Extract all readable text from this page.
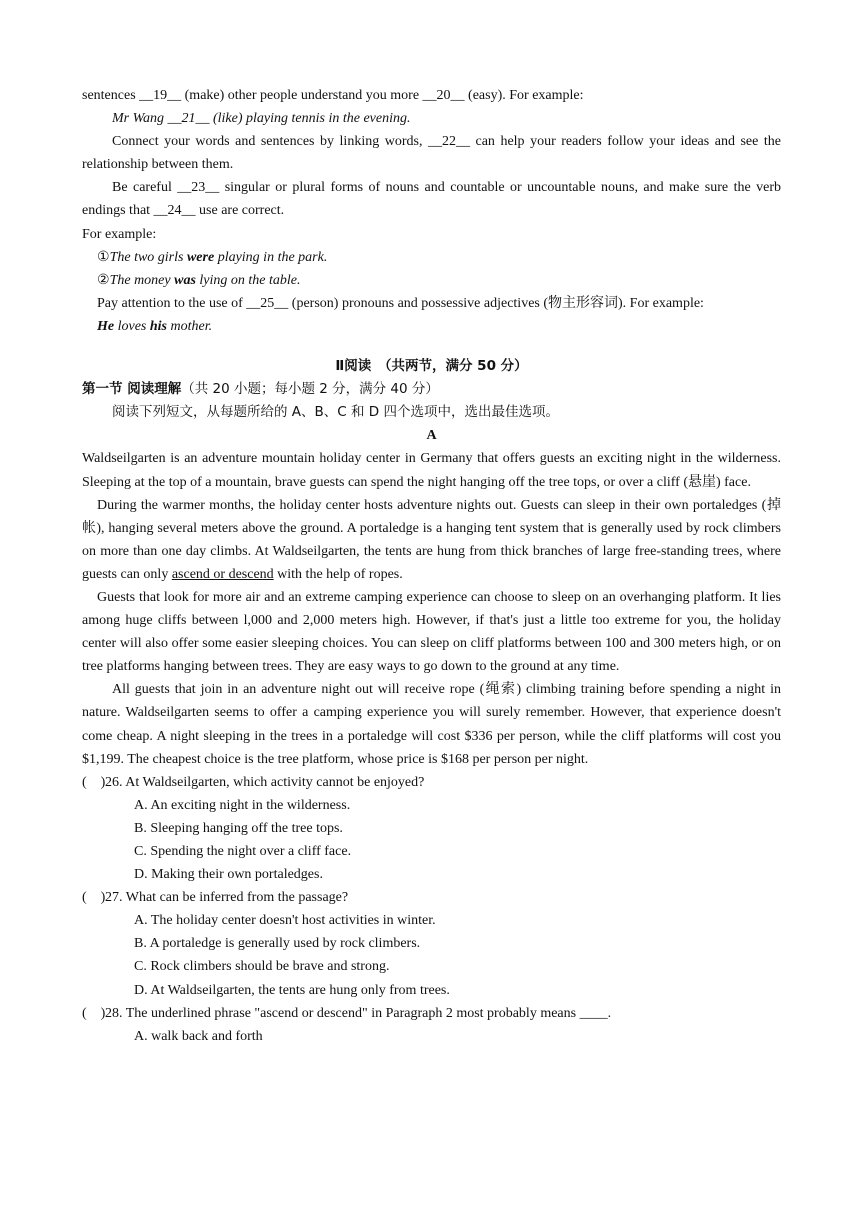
sentences __19__ (make) other people understand you more __20__ (easy). For example:

Mr Wang __21__ (like) playing tennis in the evening.

Connect your words and sentences by linking words, __22__ can help your readers follow your ideas and see the relationship between them.

Be careful __23__ singular or plural forms of nouns and countable or uncountable nouns, and make sure the verb endings that __24__ use are correct.

For example:

①The two girls were playing in the park.

②The money was lying on the table.

Pay attention to the use of __25__ (person) pronouns and possessive adjectives (物主形容词). For example:

He loves his mother.

Ⅱ阅读　（共两节，满分 50 分）

第一节 阅读理解（共 20 小题；每小题 2 分，满分 40 分）

阅读下列短文，从每题所给的 A、B、C 和 D 四个选项中，选出最佳选项。

A

Waldseilgarten is an adventure mountain holiday center in Germany that offers guests an exciting night in the wilderness. Sleeping at the top of a mountain, brave guests can spend the night hanging off the tree tops, or over a cliff (悬崖) face.

During the warmer months, the holiday center hosts adventure nights out. Guests can sleep in their own portaledges (掉帐), hanging several meters above the ground. A portaledge is a hanging tent system that is generally used by rock climbers on more than one day climbs. At Waldseilgarten, the tents are hung from thick branches of large free-standing trees, where guests can only ascend or descend with the help of ropes.

Guests that look for more air and an extreme camping experience can choose to sleep on an overhanging platform. It lies among huge cliffs between l,000 and 2,000 meters high. However, if that's just a little too extreme for you, the holiday center will also offer some easier sleeping choices. You can sleep on cliff platforms between 100 and 300 meters high, or on tree platforms hanging between trees. They are easy ways to go down to the ground at any time.

All guests that join in an adventure night out will receive rope (绳索) climbing training before spending a night in nature. Waldseilgarten seems to offer a camping experience you will surely remember. However, that experience doesn't come cheap. A night sleeping in the trees in a portaledge will cost $336 per person, while the cliff platforms will cost you $1,199. The cheapest choice is the tree platform, whose price is $168 per person per night.

(　)26. At Waldseilgarten, which activity cannot be enjoyed?

A. An exciting night in the wilderness.

B. Sleeping hanging off the tree tops.

C. Spending the night over a cliff face.

D. Making their own portaledges.

(　)27. What can be inferred from the passage?

A. The holiday center doesn't host activities in winter.

B. A portaledge is generally used by rock climbers.

C. Rock climbers should be brave and strong.

D. At Waldseilgarten, the tents are hung only from trees.

(　)28. The underlined phrase "ascend or descend" in Paragraph 2 most probably means ____.

A. walk back and forth
